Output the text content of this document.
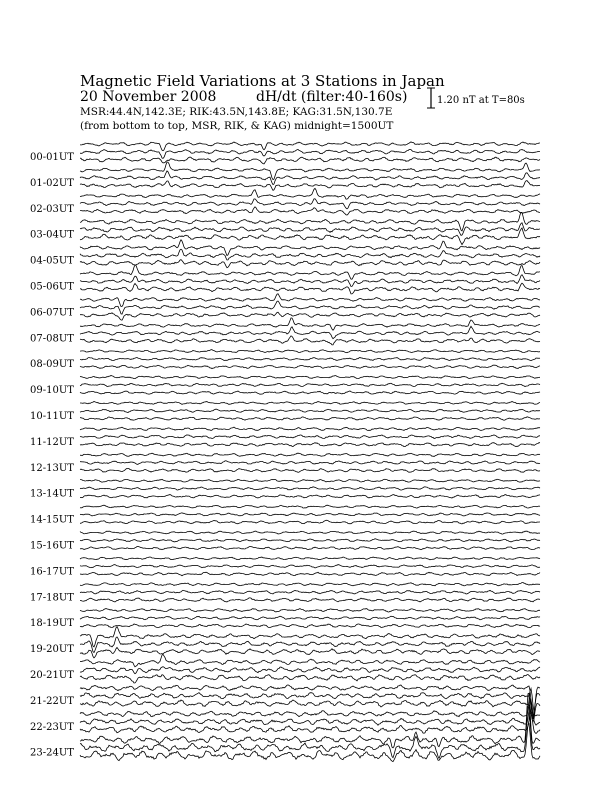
Magnetic Field Variations at 3 Stations in Japan
20 November 2008	dH/dt (filter:40-160s)
MSR:44.4N,142.3E; RIK:43.5N,143.8E; KAG:31.5N,130.7E
(from bottom to top, MSR, RIK, & KAG) midnight=1500UT
1.20 nT at T=80s
00-01UT
01-02UT
02-03UT
03-04UT
04-05UT
05-06UT
06-07UT
07-08UT
08-09UT
09-10UT
10-11UT
11-12UT
12-13UT
13-14UT
14-15UT
15-16UT
16-17UT
17-18UT
18-19UT
19-20UT
20-21UT
21-22UT
22-23UT
23-24UT
